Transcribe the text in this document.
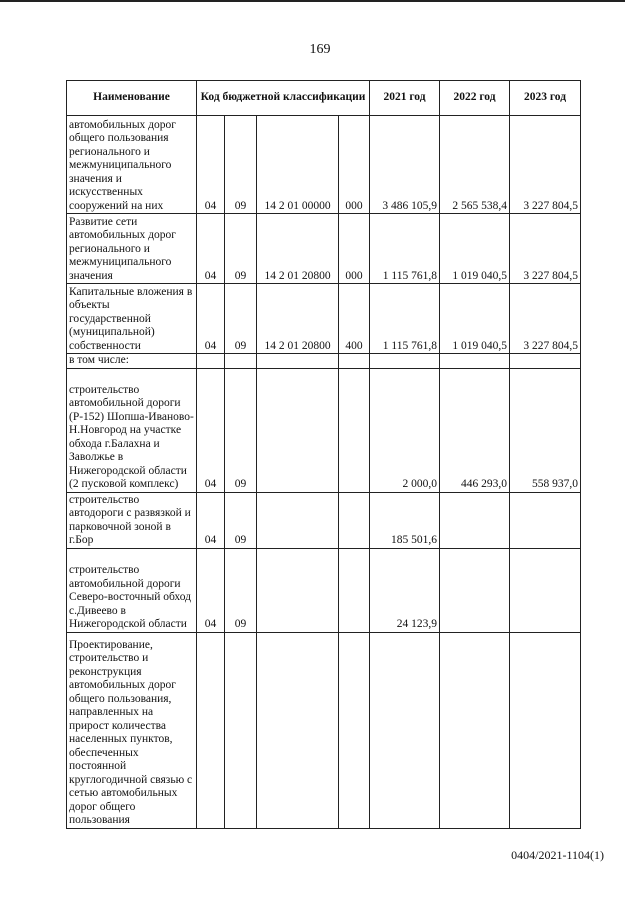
169
Наименование	Код бюджетной классификации				2021 год	2022 год	2023 год
автомобильных дорог общего пользования регионального и межмуниципального значения и искусственных сооружений на них	04	09	14 2 01 00000	000	3 486 105,9	2 565 538,4	3 227 804,5
Развитие сети автомобильных дорог регионального и межмуниципального значения	04	09	14 2 01 20800	000	1 115 761,8	1 019 040,5	3 227 804,5
Капитальные вложения в объекты государственной (муниципальной) собственности	04	09	14 2 01 20800	400	1 115 761,8	1 019 040,5	3 227 804,5
в том числе:							
строительство автомобильной дороги (Р-152) Шопша-Иваново-Н.Новгород на участке обхода г.Балахна и Заволжье в Нижегородской области (2 пусковой комплекс)	04	09			2 000,0	446 293,0	558 937,0
строительство автодороги с развязкой и парковочной зоной в г.Бор	04	09			185 501,6		
строительство автомобильной дороги Северо-восточный обход с.Дивеево в Нижегородской области	04	09			24 123,9		
Проектирование, строительство и реконструкция автомобильных дорог общего пользования, направленных на прирост количества населенных пунктов, обеспеченных постоянной круглогодичной связью с сетью автомобильных дорог общего пользования							
0404/2021-1104(1)
